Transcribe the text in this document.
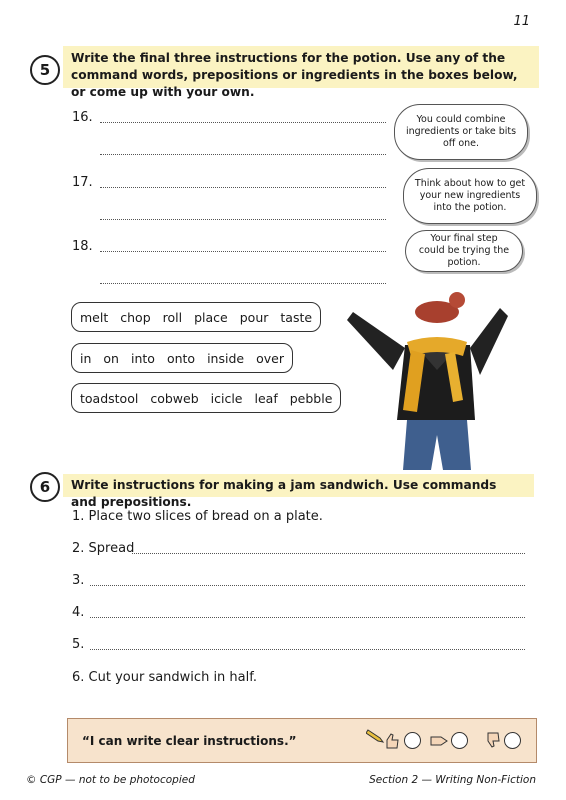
11
5
Write the final three instructions for the potion. Use any of the command words, prepositions or ingredients in the boxes below, or come up with your own.
16.
17.
18.
You could combine ingredients or take bits off one.
Think about how to get your new ingredients into the potion.
Your final step could be trying the potion.
melt chop roll place pour taste
in on into onto inside over
toadstool cobweb icicle leaf pebble
6	Write instructions for making a jam sandwich. Use commands and prepositions.
1. Place two slices of bread on a plate.
2. Spread
3.
4.
5.
6. Cut your sandwich in half.
“I can write clear instructions.”
© CGP — not to be photocopied	Section 2 — Writing Non-Fiction
